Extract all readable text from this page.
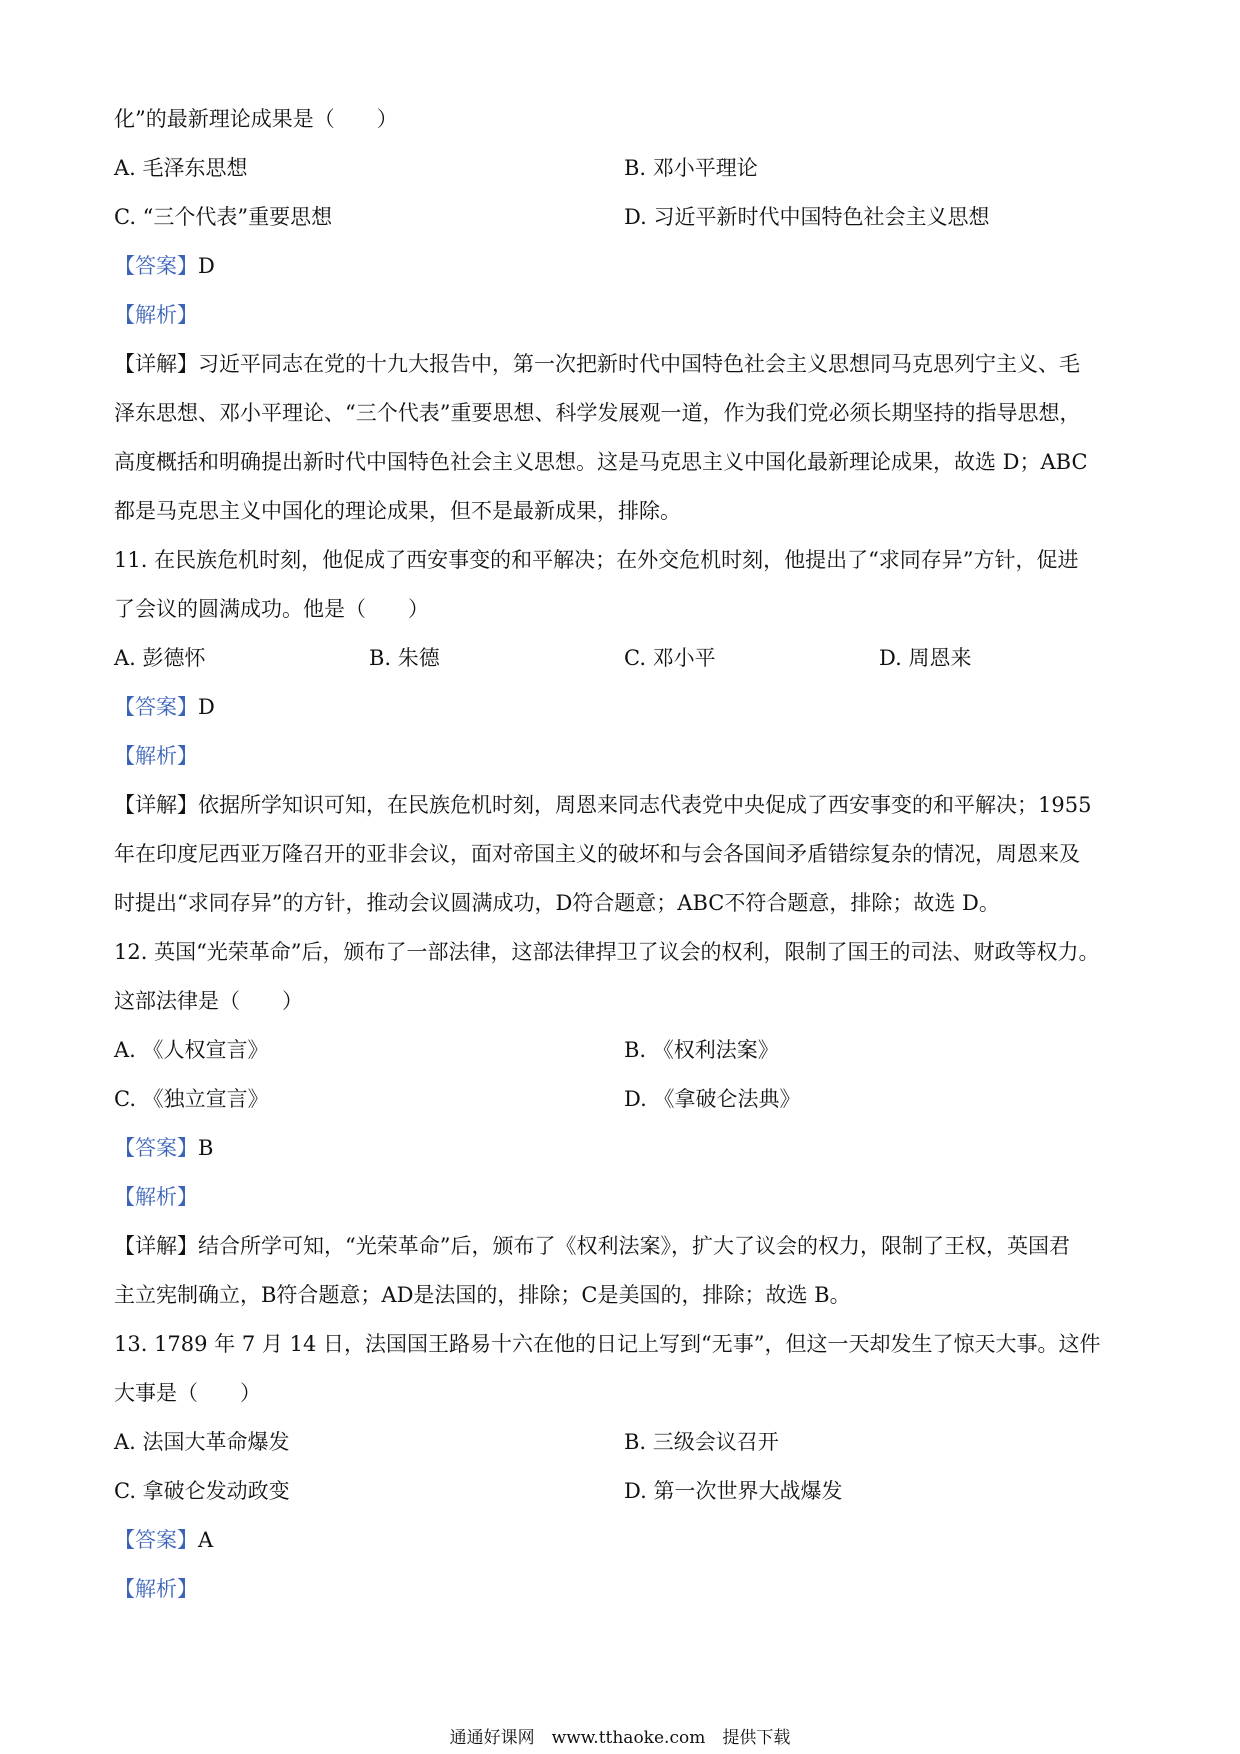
化”的最新理论成果是（　　）
A. 毛泽东思想	B. 邓小平理论
C. “三个代表”重要思想	D. 习近平新时代中国特色社会主义思想
【答案】D
【解析】
【详解】习近平同志在党的十九大报告中，第一次把新时代中国特色社会主义思想同马克思列宁主义、毛
泽东思想、邓小平理论、“三个代表”重要思想、科学发展观一道，作为我们党必须长期坚持的指导思想，
高度概括和明确提出新时代中国特色社会主义思想。这是马克思主义中国化最新理论成果，故选 D；ABC
都是马克思主义中国化的理论成果，但不是最新成果，排除。
11. 在民族危机时刻，他促成了西安事变的和平解决；在外交危机时刻，他提出了“求同存异”方针，促进
了会议的圆满成功。他是（　　）
A. 彭德怀	B. 朱德	C. 邓小平	D. 周恩来
【答案】D
【解析】
【详解】依据所学知识可知，在民族危机时刻，周恩来同志代表党中央促成了西安事变的和平解决；1955
年在印度尼西亚万隆召开的亚非会议，面对帝国主义的破坏和与会各国间矛盾错综复杂的情况，周恩来及
时提出“求同存异”的方针，推动会议圆满成功，D符合题意；ABC不符合题意，排除；故选 D。
12. 英国“光荣革命”后，颁布了一部法律，这部法律捍卫了议会的权利，限制了国王的司法、财政等权力。
这部法律是（　　）
A. 《人权宣言》	B. 《权利法案》
C. 《独立宣言》	D. 《拿破仑法典》
【答案】B
【解析】
【详解】结合所学可知，“光荣革命”后，颁布了《权利法案》，扩大了议会的权力，限制了王权，英国君
主立宪制确立，B符合题意；AD是法国的，排除；C是美国的，排除；故选 B。
13. 1789 年 7 月 14 日，法国国王路易十六在他的日记上写到“无事”，但这一天却发生了惊天大事。这件
大事是（　　）
A. 法国大革命爆发	B. 三级会议召开
C. 拿破仑发动政变	D. 第一次世界大战爆发
【答案】A
【解析】
通通好课网　www.tthaoke.com　提供下载
